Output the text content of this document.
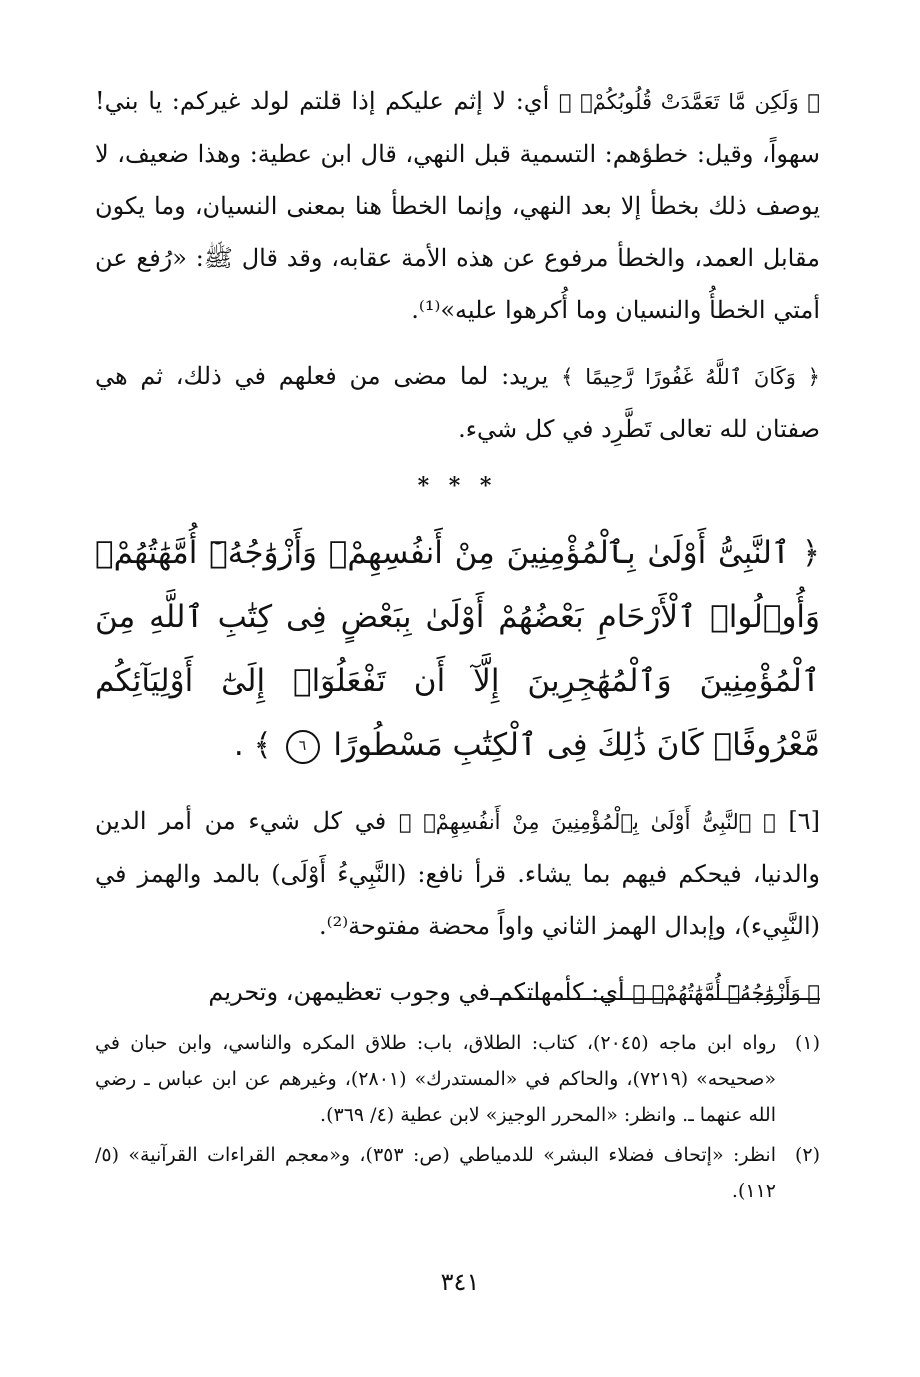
﴿ وَلَكِن مَّا تَعَمَّدَتْ قُلُوبُكُمْۚ ﴾ أي: لا إثم عليكم إذا قلتم لولد غيركم: يا بني! سهواً، وقيل: خطؤهم: التسمية قبل النهي، قال ابن عطية: وهذا ضعيف، لا يوصف ذلك بخطأ إلا بعد النهي، وإنما الخطأ هنا بمعنى النسيان، وما يكون مقابل العمد، والخطأ مرفوع عن هذه الأمة عقابه، وقد قال ﷺ: «رُفع عن أمتي الخطأُ والنسيان وما أُكرهوا عليه»⁽¹⁾.

﴿ وَكَانَ ٱللَّهُ غَفُورًا رَّحِيمًا ﴾ يريد: لما مضى من فعلهم في ذلك، ثم هي صفتان لله تعالى تَطَّرِد في كل شيء.

* * *

﴿ ٱلنَّبِىُّ أَوْلَىٰ بِٱلْمُؤْمِنِينَ مِنْ أَنفُسِهِمْۖ وَأَزْوَٰجُهُۥٓ أُمَّهَٰتُهُمْۗ وَأُو۟لُوا۟ ٱلْأَرْحَامِ بَعْضُهُمْ أَوْلَىٰ بِبَعْضٍ فِى كِتَٰبِ ٱللَّهِ مِنَ ٱلْمُؤْمِنِينَ وَٱلْمُهَٰجِرِينَ إِلَّآ أَن تَفْعَلُوٓا۟ إِلَىٰٓ أَوْلِيَآئِكُم مَّعْرُوفًاۚ كَانَ ذَٰلِكَ فِى ٱلْكِتَٰبِ مَسْطُورًا ٦ ﴾ .

[٦] ﴿ ٱلنَّبِىُّ أَوْلَىٰ بِٱلْمُؤْمِنِينَ مِنْ أَنفُسِهِمْۖ ﴾ في كل شيء من أمر الدين والدنيا، فيحكم فيهم بما يشاء. قرأ نافع: (النَّبِيءُ أَوْلَى) بالمد والهمز في (النَّبِيء)، وإبدال الهمز الثاني واواً محضة مفتوحة⁽²⁾.

﴿ وَأَزْوَٰجُهُۥٓ أُمَّهَٰتُهُمْۗ ﴾ أي: كأمهاتكم في وجوب تعظيمهن، وتحريم

(١)
رواه ابن ماجه (٢٠٤٥)، كتاب: الطلاق، باب: طلاق المكره والناسي، وابن حبان في «صحيحه» (٧٢١٩)، والحاكم في «المستدرك» (٢٨٠١)، وغيرهم عن ابن عباس ـ رضي الله عنهما ـ. وانظر: «المحرر الوجيز» لابن عطية (٤/ ٣٦٩).
(٢)
انظر: «إتحاف فضلاء البشر» للدمياطي (ص: ٣٥٣)، و«معجم القراءات القرآنية» (٥/ ١١٢).
٣٤١
